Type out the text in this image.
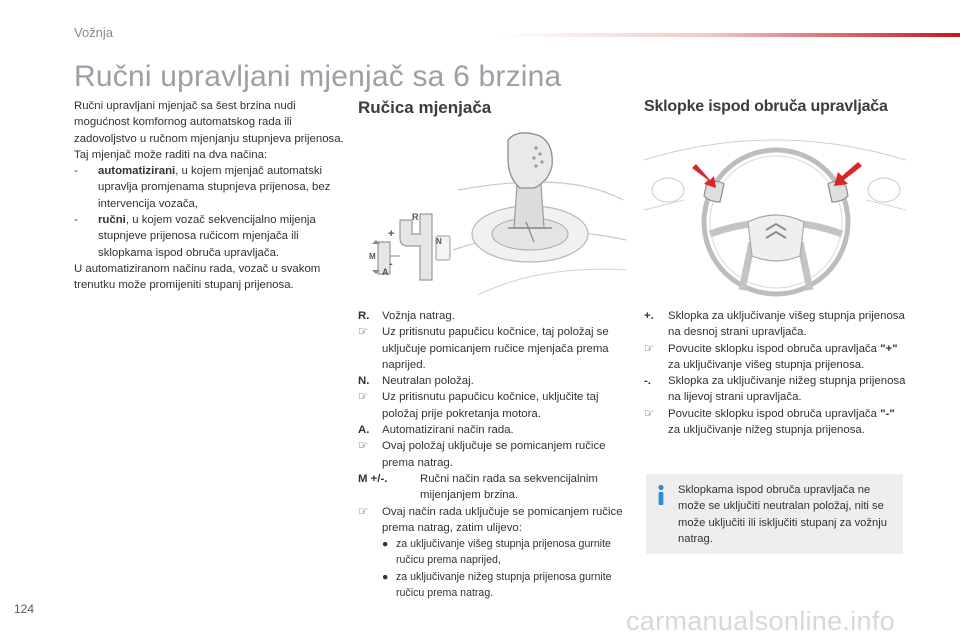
Vožnja
Ručni upravljani mjenjač sa 6 brzina

Ručni upravljani mjenjač sa šest brzina nudi mogućnost komfornog automatskog rada ili zadovoljstvo u ručnom mjenjanju stupnjeva prijenosa.

Taj mjenjač može raditi na dva načina:

-	automatizirani, u kojem mjenjač automatski upravlja promjenama stupnjeva prijenosa, bez intervencija vozača,
-	ručni, u kojem vozač sekvencijalno mijenja stupnjeve prijenosa ručicom mjenjača ili sklopkama ispod obruča upravljača.

U automatiziranom načinu rada, vozač u svakom trenutku može promijeniti stupanj prijenosa.

Ručica mjenjača
R
N
A
M
+
-
R.	Vožnja natrag.
☞	Uz pritisnutu papučicu kočnice, taj položaj se uključuje pomicanjem ručice mjenjača prema naprijed.
N.	Neutralan položaj.
☞	Uz pritisnutu papučicu kočnice, uključite taj položaj prije pokretanja motora.
A.	Automatizirani način rada.
☞	Ovaj položaj uključuje se pomicanjem ručice prema natrag.
M +/-.	Ručni način rada sa sekvencijalnim mijenjanjem brzina.
☞	Ovaj način rada uključuje se pomicanjem ručice prema natrag, zatim ulijevo:
● za uključivanje višeg stupnja prijenosa gurnite ručicu prema naprijed,
● za uključivanje nižeg stupnja prijenosa gurnite ručicu prema natrag.
Sklopke ispod obruča upravljača
+.	Sklopka za uključivanje višeg stupnja prijenosa na desnoj strani upravljača.
☞	Povucite sklopku ispod obruča upravljača "+" za uključivanje višeg stupnja prijenosa.
-.	Sklopka za uključivanje nižeg stupnja prijenosa na lijevoj strani upravljača.
☞	Povucite sklopku ispod obruča upravljača "-" za uključivanje nižeg stupnja prijenosa.
Sklopkama ispod obruča upravljača ne može se uključiti neutralan položaj, niti se može uključiti ili isključiti stupanj za vožnju natrag.
124	carmanualsonline.info
